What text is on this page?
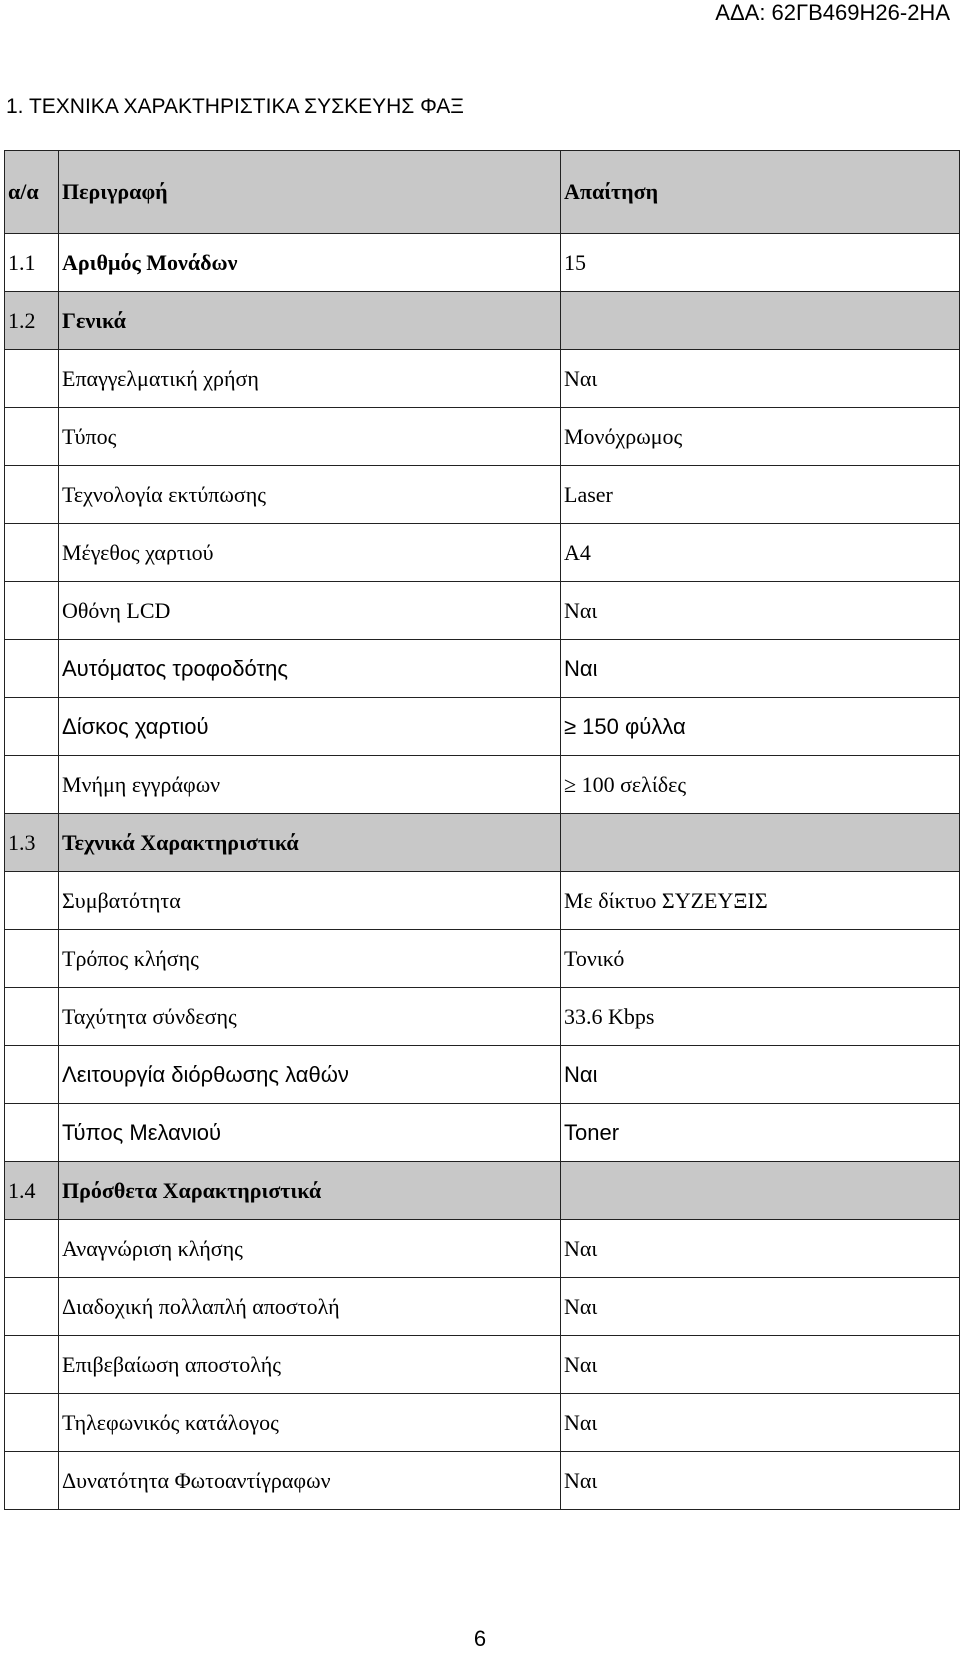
ΑΔΑ: 62ΓΒ469Η26-2ΗΑ
1. ΤΕΧΝΙΚΑ ΧΑΡΑΚΤΗΡΙΣΤΙΚΑ ΣΥΣΚΕΥΗΣ ΦΑΞ
α/α	Περιγραφή	Απαίτηση
1.1	Αριθμός Μονάδων	15
1.2	Γενικά	
	Επαγγελματική χρήση	Ναι
	Τύπος	Μονόχρωμος
	Τεχνολογία εκτύπωσης	Laser
	Μέγεθος χαρτιού	A4
	Οθόνη LCD	Ναι
	Αυτόματος τροφοδότης	Ναι
	Δίσκος χαρτιού	≥ 150 φύλλα
	Μνήμη εγγράφων	≥ 100 σελίδες
1.3	Τεχνικά Χαρακτηριστικά	
	Συμβατότητα	Με δίκτυο ΣΥΖΕΥΞΙΣ
	Τρόπος κλήσης	Τονικό
	Ταχύτητα σύνδεσης	33.6 Kbps
	Λειτουργία διόρθωσης λαθών	Ναι
	Τύπος Μελανιού	Toner
1.4	Πρόσθετα Χαρακτηριστικά	
	Αναγνώριση κλήσης	Ναι
	Διαδοχική πολλαπλή αποστολή	Ναι
	Επιβεβαίωση αποστολής	Ναι
	Τηλεφωνικός κατάλογος	Ναι
	Δυνατότητα Φωτοαντίγραφων	Ναι
6
